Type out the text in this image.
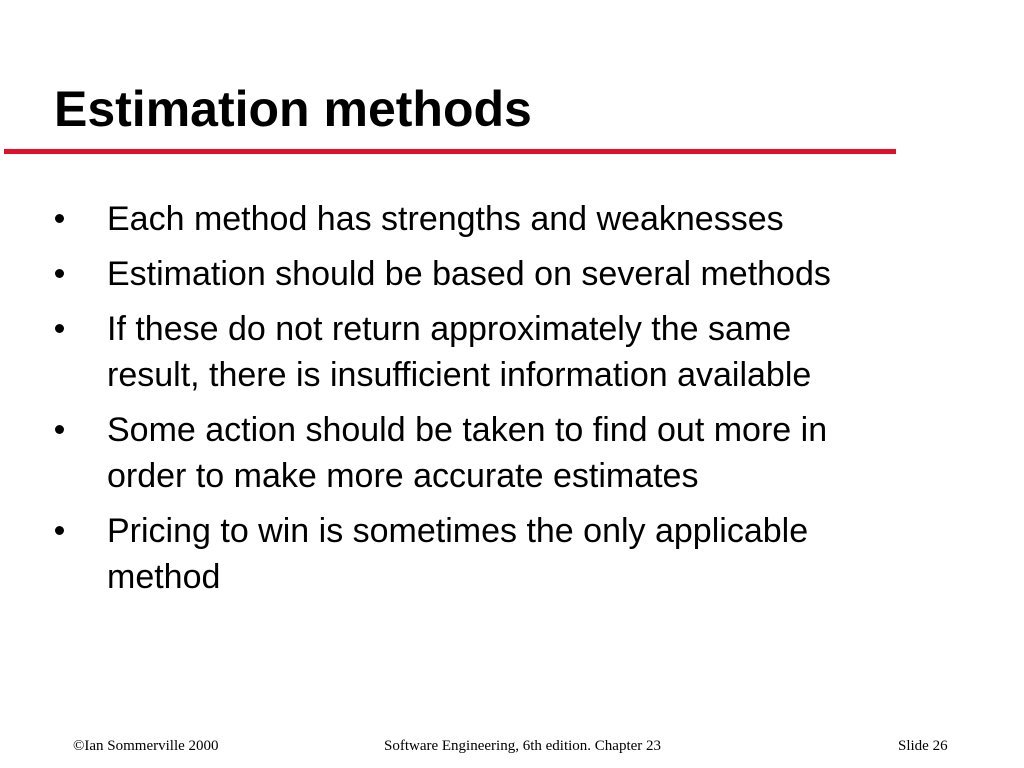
Estimation methods
Each method has strengths and weaknesses
Estimation should be based on several methods
If these do not return approximately the same
result, there is insufficient information available
Some action should be taken to find out more in
order to make more accurate estimates
Pricing to win is sometimes the only applicable
method
©Ian Sommerville 2000	Software Engineering, 6th edition. Chapter 23	Slide 26
